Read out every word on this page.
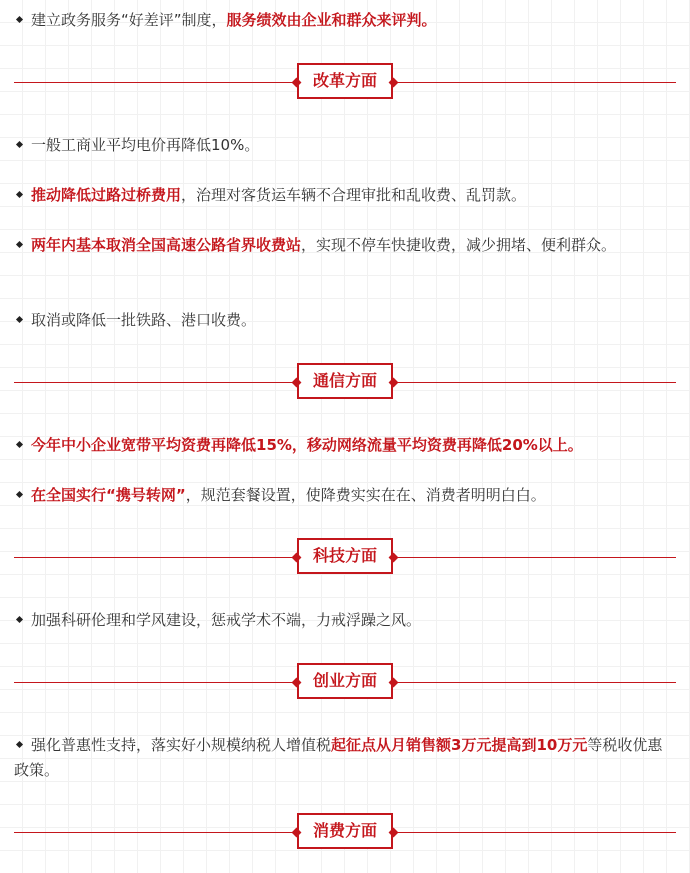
建立政务服务“好差评”制度，服务绩效由企业和群众来评判。
改革方面
一般工商业平均电价再降低10%。
推动降低过路过桥费用，治理对客货运车辆不合理审批和乱收费、乱罚款。
两年内基本取消全国高速公路省界收费站，实现不停车快捷收费，减少拥堵、便利群众。
取消或降低一批铁路、港口收费。
通信方面
今年中小企业宽带平均资费再降低15%，移动网络流量平均资费再降低20%以上。
在全国实行“携号转网”，规范套餐设置，使降费实实在在、消费者明明白白。
科技方面
加强科研伦理和学风建设，惩戒学术不端，力戒浮躁之风。
创业方面
强化普惠性支持，落实好小规模纳税人增值税起征点从月销售额3万元提高到10万元等税收优惠政策。
消费方面
